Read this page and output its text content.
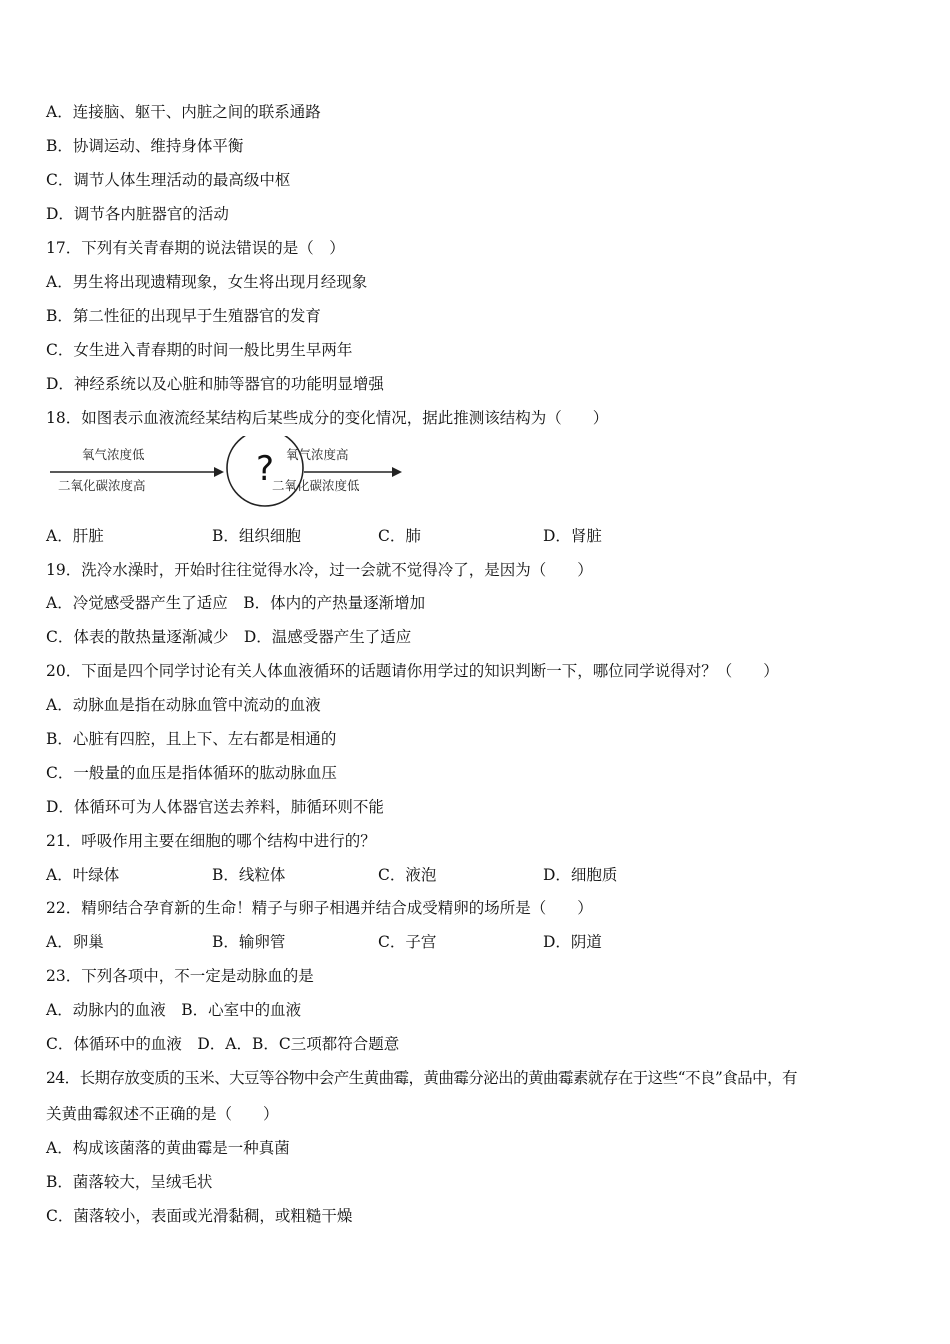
A．连接脑、躯干、内脏之间的联系通路
B．协调运动、维持身体平衡
C．调节人体生理活动的最高级中枢
D．调节各内脏器官的活动
17．下列有关青春期的说法错误的是（　）
A．男生将出现遗精现象，女生将出现月经现象
B．第二性征的出现早于生殖器官的发育
C．女生进入青春期的时间一般比男生早两年
D．神经系统以及心脏和肺等器官的功能明显增强
18．如图表示血液流经某结构后某些成分的变化情况，据此推测该结构为（　　）
氧气浓度低
二氧化碳浓度高	? 氧气浓度高
二氧化碳浓度低
A．肝脏	B．组织细胞	C．肺	D．肾脏
19．洗冷水澡时，开始时往往觉得水冷，过一会就不觉得冷了，是因为（　　）
A．冷觉感受器产生了适应　B．体内的产热量逐渐增加
C．体表的散热量逐渐减少　D．温感受器产生了适应
20．下面是四个同学讨论有关人体血液循环的话题请你用学过的知识判断一下，哪位同学说得对？（　　）
A．动脉血是指在动脉血管中流动的血液
B．心脏有四腔，且上下、左右都是相通的
C．一般量的血压是指体循环的肱动脉血压
D．体循环可为人体器官送去养料，肺循环则不能
21．呼吸作用主要在细胞的哪个结构中进行的？
A．叶绿体	B．线粒体	C．液泡	D．细胞质
22．精卵结合孕育新的生命！精子与卵子相遇并结合成受精卵的场所是（　　）
A．卵巢	B．输卵管	C．子宫	D．阴道
23．下列各项中，不一定是动脉血的是
A．动脉内的血液　B．心室中的血液
C．体循环中的血液　D．A．B．C三项都符合题意
24．长期存放变质的玉米、大豆等谷物中会产生黄曲霉，黄曲霉分泌出的黄曲霉素就存在于这些“不良”食品中，有
关黄曲霉叙述不正确的是（　　）
A．构成该菌落的黄曲霉是一种真菌
B．菌落较大，呈绒毛状
C．菌落较小，表面或光滑黏稠，或粗糙干燥
